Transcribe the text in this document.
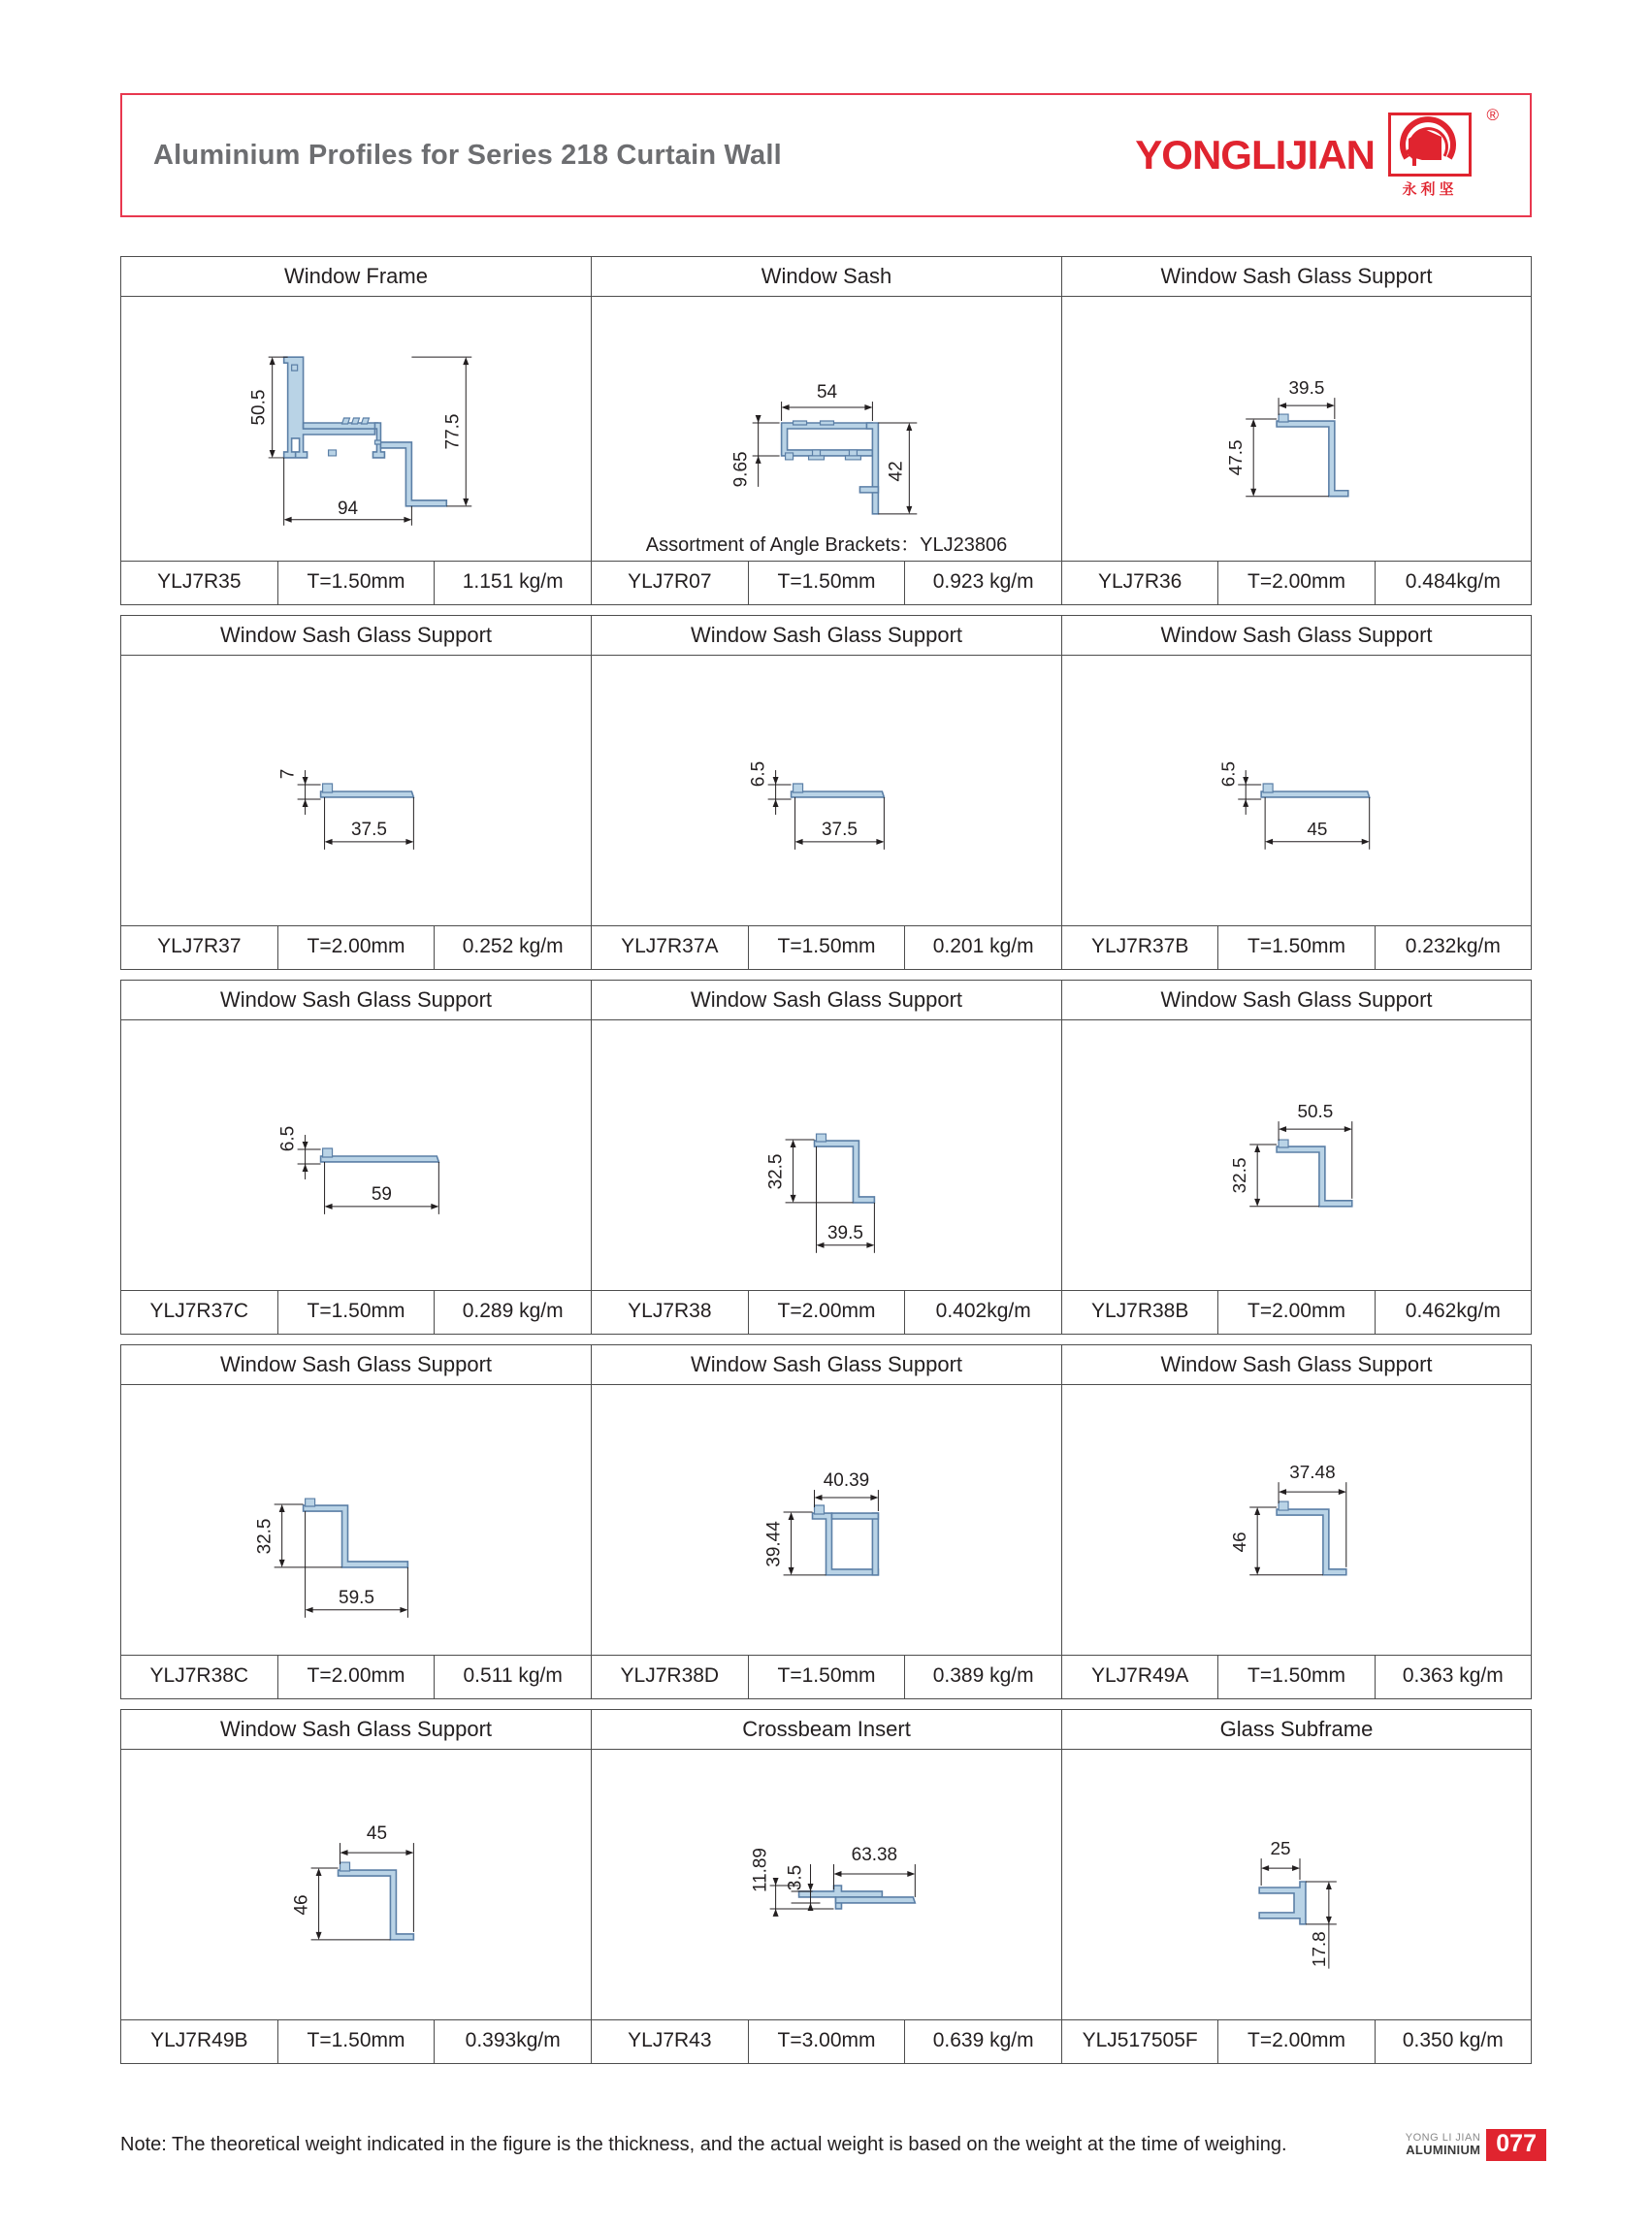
Aluminium Profiles for Series 218 Curtain Wall	YONGLIJIAN
®
永利坚
Window Frame
50.5
77.5
94
YLJ7R35	T=1.50mm	1.151 kg/m
Window Sash
54
9.65	42
Assortment of Angle Brackets：YLJ23806
YLJ7R07	T=1.50mm	0.923 kg/m
Window Sash Glass Support
39.5
47.5
YLJ7R36	T=2.00mm	0.484kg/m
Window Sash Glass Support
7
37.5
YLJ7R37	T=2.00mm	0.252 kg/m
Window Sash Glass Support
6.5
37.5
YLJ7R37A	T=1.50mm	0.201 kg/m
Window Sash Glass Support
6.5
45
YLJ7R37B	T=1.50mm	0.232kg/m
Window Sash Glass Support
6.5
59
YLJ7R37C	T=1.50mm	0.289 kg/m
Window Sash Glass Support
32.5
39.5
YLJ7R38	T=2.00mm	0.402kg/m
Window Sash Glass Support
50.5
32.5
YLJ7R38B	T=2.00mm	0.462kg/m
Window Sash Glass Support
32.5
59.5
YLJ7R38C	T=2.00mm	0.511 kg/m
Window Sash Glass Support
40.39
39.44
YLJ7R38D	T=1.50mm	0.389 kg/m
Window Sash Glass Support
37.48
46
YLJ7R49A	T=1.50mm	0.363 kg/m
Window Sash Glass Support
45
46
YLJ7R49B	T=1.50mm	0.393kg/m
Crossbeam Insert
11.89 3.5
63.38
YLJ7R43	T=3.00mm	0.639 kg/m
Glass Subframe
25
17.8
YLJ517505F	T=2.00mm	0.350 kg/m
Note: The theoretical weight indicated in the figure is the thickness, and the actual weight is based on the weight at the time of weighing.	YONG LI JIAN
ALUMINIUM 077
